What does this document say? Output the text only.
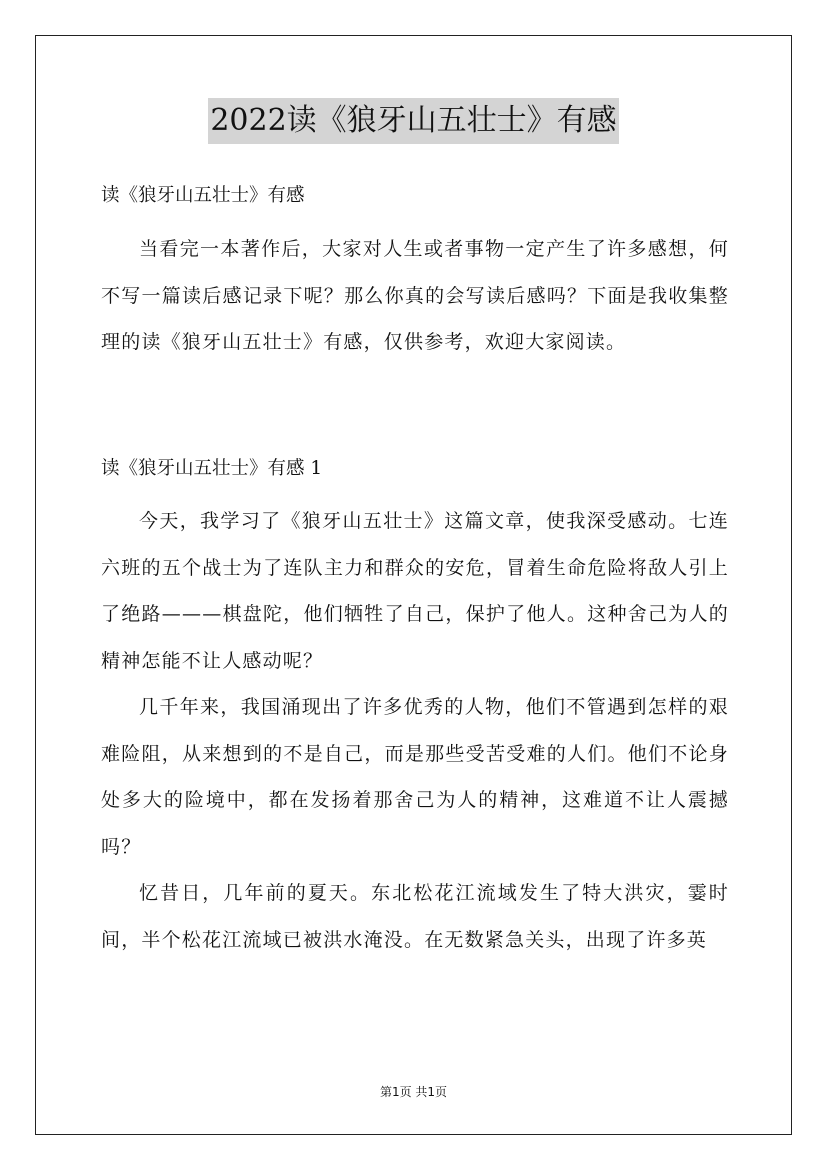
2022读《狼牙山五壮士》有感
读《狼牙山五壮士》有感
当看完一本著作后，大家对人生或者事物一定产生了许多感想，何不写一篇读后感记录下呢？那么你真的会写读后感吗？下面是我收集整理的读《狼牙山五壮士》有感，仅供参考，欢迎大家阅读。
读《狼牙山五壮士》有感 1
今天，我学习了《狼牙山五壮士》这篇文章，使我深受感动。七连六班的五个战士为了连队主力和群众的安危，冒着生命危险将敌人引上了绝路———棋盘陀，他们牺牲了自己，保护了他人。这种舍己为人的精神怎能不让人感动呢？
几千年来，我国涌现出了许多优秀的人物，他们不管遇到怎样的艰难险阻，从来想到的不是自己，而是那些受苦受难的人们。他们不论身处多大的险境中，都在发扬着那舍己为人的精神，这难道不让人震撼吗？
忆昔日，几年前的夏天。东北松花江流域发生了特大洪灾，霎时间，半个松花江流域已被洪水淹没。在无数紧急关头，出现了许多英
第1页 共1页
